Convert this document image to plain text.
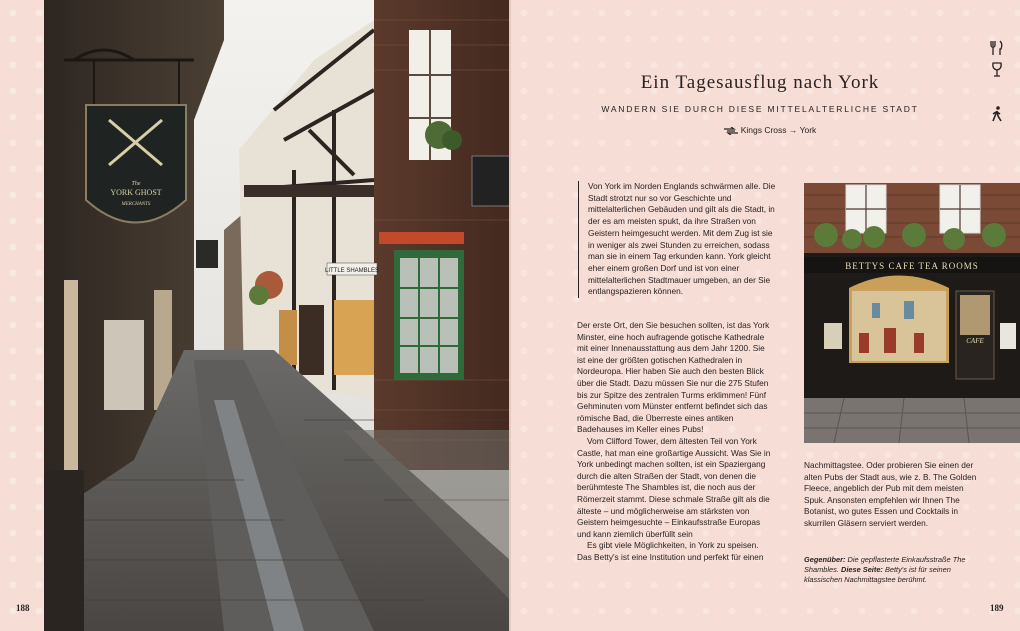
The
YORK GHOST
MERCHANTS
LITTLE SHAMBLES
188
Ein Tagesausflug nach York
WANDERN SIE DURCH DIESE MITTELALTERLICHE STADT
Kings Cross → York
Von York im Norden Englands schwärmen alle. Die Stadt strotzt nur so vor Geschichte und mittelalterlichen Gebäuden und gilt als die Stadt, in der es am meisten spukt, da ihre Straßen von Geistern heimgesucht werden. Mit dem Zug ist sie in weniger als zwei Stunden zu erreichen, sodass man sie in einem Tag erkunden kann. York gleicht eher einem großen Dorf und ist von einer mittelalterlichen Stadtmauer umgeben, an der Sie entlangspazieren können.

Der erste Ort, den Sie besuchen sollten, ist das York Minster, eine hoch aufragende gotische Kathedrale mit einer Innenausstattung aus dem Jahr 1200. Sie ist eine der größten gotischen Kathedralen in Nordeuropa. Hier haben Sie auch den besten Blick über die Stadt. Dazu müssen Sie nur die 275 Stufen bis zur Spitze des zentralen Turms erklimmen! Fünf Gehminuten vom Münster entfernt befindet sich das römische Bad, die Überreste eines antiken Badehauses im Keller eines Pubs!

Vom Clifford Tower, dem ältesten Teil von York Castle, hat man eine großartige Aussicht. Was Sie in York unbedingt machen sollten, ist ein Spaziergang durch die alten Straßen der Stadt, von denen die berühmteste The Shambles ist, die noch aus der Römerzeit stammt. Diese schmale Straße gilt als die älteste – und möglicherweise am stärksten von Geistern heimgesuchte – Einkaufsstraße Europas und kann ziemlich überfüllt sein

Es gibt viele Möglichkeiten, in York zu speisen. Das Betty's ist eine Institution und perfekt für einen

BETTYS CAFE TEA ROOMS
CAFE
Nachmittagstee. Oder probieren Sie einen der alten Pubs der Stadt aus, wie z. B. The Golden Fleece, angeblich der Pub mit dem meisten Spuk. Ansonsten empfehlen wir Ihnen The Botanist, wo gutes Essen und Cocktails in skurrilen Gläsern serviert werden.
Gegenüber: Die gepflasterte Einkaufsstraße The Shambles. Diese Seite: Betty's ist für seinen klassischen Nachmittagstee berühmt.
189
